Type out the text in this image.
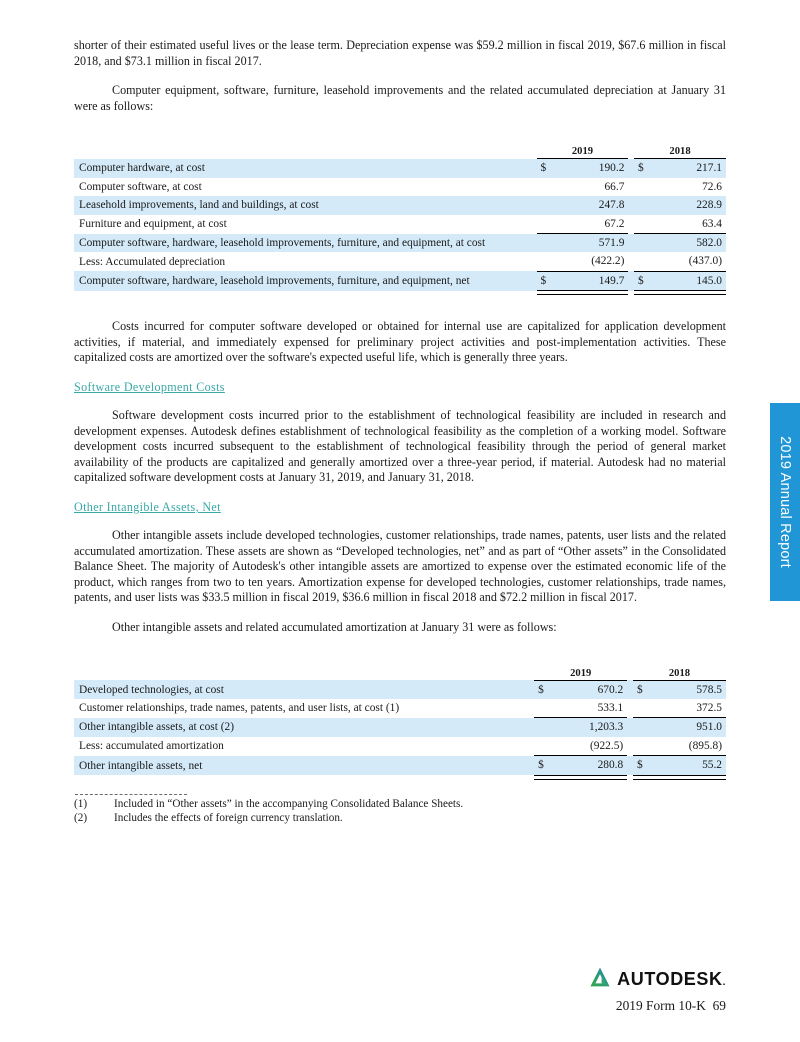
shorter of their estimated useful lives or the lease term. Depreciation expense was $59.2 million in fiscal 2019, $67.6 million in fiscal 2018, and $73.1 million in fiscal 2017.

Computer equipment, software, furniture, leasehold improvements and the related accumulated depreciation at January 31 were as follows:

	2019			2018	
Computer hardware, at cost	$	190.2		$	217.1
Computer software, at cost		66.7			72.6
Leasehold improvements, land and buildings, at cost		247.8			228.9
Furniture and equipment, at cost		67.2			63.4
Computer software, hardware, leasehold improvements, furniture, and equipment, at cost		571.9			582.0
Less: Accumulated depreciation		(422.2)			(437.0)
Computer software, hardware, leasehold improvements, furniture, and equipment, net	$	149.7		$	145.0

Costs incurred for computer software developed or obtained for internal use are capitalized for application development activities, if material, and immediately expensed for preliminary project activities and post-implementation activities. These capitalized costs are amortized over the software's expected useful life, which is generally three years.

Software Development Costs

Software development costs incurred prior to the establishment of technological feasibility are included in research and development expenses. Autodesk defines establishment of technological feasibility as the completion of a working model. Software development costs incurred subsequent to the establishment of technological feasibility through the period of general market availability of the products are capitalized and generally amortized over a three-year period, if material. Autodesk had no material capitalized software development costs at January 31, 2019, and January 31, 2018.

Other Intangible Assets, Net

Other intangible assets include developed technologies, customer relationships, trade names, patents, user lists and the related accumulated amortization. These assets are shown as “Developed technologies, net” and as part of “Other assets” in the Consolidated Balance Sheet. The majority of Autodesk's other intangible assets are amortized to expense over the estimated economic life of the product, which ranges from two to ten years. Amortization expense for developed technologies, customer relationships, trade names, patents, and user lists was $33.5 million in fiscal 2019, $36.6 million in fiscal 2018 and $72.2 million in fiscal 2017.

Other intangible assets and related accumulated amortization at January 31 were as follows:

	2019			2018	
Developed technologies, at cost	$	670.2		$	578.5
Customer relationships, trade names, patents, and user lists, at cost (1)		533.1			372.5
Other intangible assets, at cost (2)		1,203.3			951.0
Less: accumulated amortization		(922.5)			(895.8)
Other intangible assets, net	$	280.8		$	55.2

(1)	Included in “Other assets” in the accompanying Consolidated Balance Sheets.
(2)	Includes the effects of foreign currency translation.
2019 Annual Report
AUTODESK.
2019 Form 10-K  69
